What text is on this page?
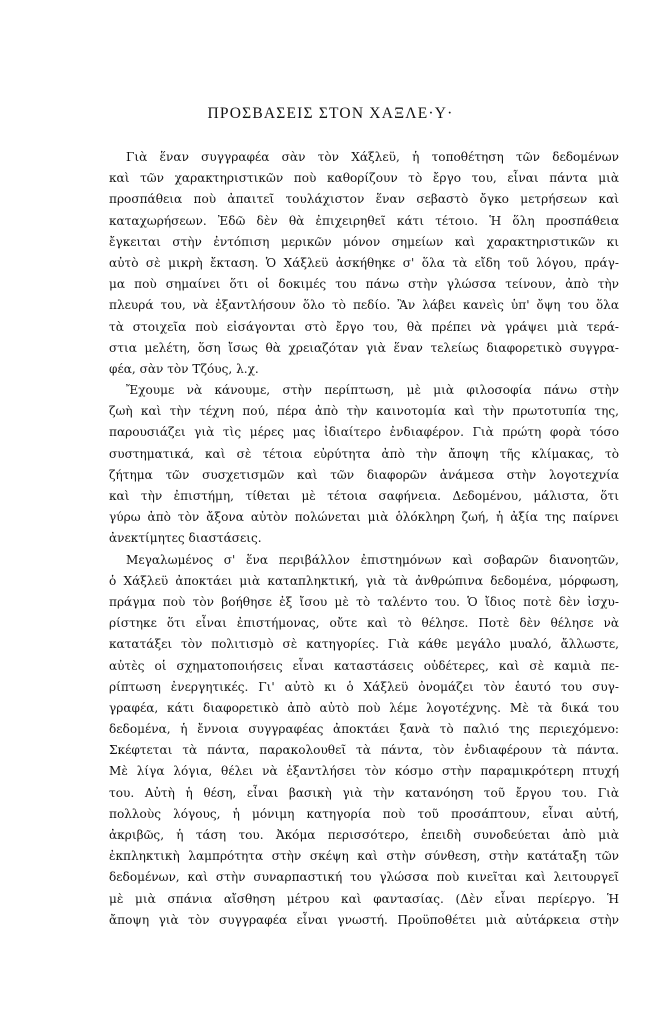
ΠΡΟΣΒΑΣΕΙΣ ΣΤΟΝ ΧΑΞΛΕ·Υ·
Γιὰ ἕναν συγγραφέα σὰν τὸν Χάξλεϋ, ἡ τοποθέτηση τῶν δεδομένων
καὶ τῶν χαρακτηριστικῶν ποὺ καθορίζουν τὸ ἔργο του, εἶναι πάντα μιὰ
προσπάθεια ποὺ ἀπαιτεῖ τουλάχιστον ἕναν σεβαστὸ ὄγκο μετρήσεων καὶ
καταχωρήσεων. Ἐδῶ δὲν θὰ ἐπιχειρηθεῖ κάτι τέτοιο. Ἡ ὅλη προσπάθεια
ἔγκειται στὴν ἐντόπιση μερικῶν μόνον σημείων καὶ χαρακτηριστικῶν κι
αὐτὸ σὲ μικρὴ ἔκταση. Ὁ Χάξλεϋ ἀσκήθηκε σ' ὅλα τὰ εἴδη τοῦ λόγου, πράγ-
μα ποὺ σημαίνει ὅτι οἱ δοκιμές του πάνω στὴν γλώσσα τείνουν, ἀπὸ τὴν
πλευρά του, νὰ ἐξαντλήσουν ὅλο τὸ πεδίο. Ἂν λάβει κανεὶς ὑπ' ὄψη του ὅλα
τὰ στοιχεῖα ποὺ εἰσάγονται στὸ ἔργο του, θὰ πρέπει νὰ γράψει μιὰ τερά-
στια μελέτη, ὅση ἴσως θὰ χρειαζόταν γιὰ ἕναν τελείως διαφορετικὸ συγγρα-
φέα, σὰν τὸν Τζόυς, λ.χ.
Ἔχουμε νὰ κάνουμε, στὴν περίπτωση, μὲ μιὰ φιλοσοφία πάνω στὴν
ζωὴ καὶ τὴν τέχνη πού, πέρα ἀπὸ τὴν καινοτομία καὶ τὴν πρωτοτυπία της,
παρουσιάζει γιὰ τὶς μέρες μας ἰδιαίτερο ἐνδιαφέρον. Γιὰ πρώτη φορὰ τόσο
συστηματικά, καὶ σὲ τέτοια εὐρύτητα ἀπὸ τὴν ἄποψη τῆς κλίμακας, τὸ
ζήτημα τῶν συσχετισμῶν καὶ τῶν διαφορῶν ἀνάμεσα στὴν λογοτεχνία
καὶ τὴν ἐπιστήμη, τίθεται μὲ τέτοια σαφήνεια. Δεδομένου, μάλιστα, ὅτι
γύρω ἀπὸ τὸν ἄξονα αὐτὸν πολώνεται μιὰ ὁλόκληρη ζωή, ἡ ἀξία της παίρνει
ἀνεκτίμητες διαστάσεις.
Μεγαλωμένος σ' ἕνα περιβάλλον ἐπιστημόνων καὶ σοβαρῶν διανοητῶν,
ὁ Χάξλεϋ ἀποκτάει μιὰ καταπληκτική, γιὰ τὰ ἀνθρώπινα δεδομένα, μόρφωση,
πράγμα ποὺ τὸν βοήθησε ἐξ ἴσου μὲ τὸ ταλέντο του. Ὁ ἴδιος ποτὲ δὲν ἰσχυ-
ρίστηκε ὅτι εἶναι ἐπιστήμονας, οὔτε καὶ τὸ θέλησε. Ποτὲ δὲν θέλησε νὰ
κατατάξει τὸν πολιτισμὸ σὲ κατηγορίες. Γιὰ κάθε μεγάλο μυαλό, ἄλλωστε,
αὐτὲς οἱ σχηματοποιήσεις εἶναι καταστάσεις οὐδέτερες, καὶ σὲ καμιὰ πε-
ρίπτωση ἐνεργητικές. Γι' αὐτὸ κι ὁ Χάξλεϋ ὀνομάζει τὸν ἑαυτό του συγ-
γραφέα, κάτι διαφορετικὸ ἀπὸ αὐτὸ ποὺ λέμε λογοτέχνης. Μὲ τὰ δικά του
δεδομένα, ἡ ἔννοια συγγραφέας ἀποκτάει ξανὰ τὸ παλιό της περιεχόμενο:
Σκέφτεται τὰ πάντα, παρακολουθεῖ τὰ πάντα, τὸν ἐνδιαφέρουν τὰ πάντα.
Μὲ λίγα λόγια, θέλει νὰ ἐξαντλήσει τὸν κόσμο στὴν παραμικρότερη πτυχή
του. Αὐτὴ ἡ θέση, εἶναι βασικὴ γιὰ τὴν κατανόηση τοῦ ἔργου του. Γιὰ
πολλοὺς λόγους, ἡ μόνιμη κατηγορία ποὺ τοῦ προσάπτουν, εἶναι αὐτή,
ἀκριβῶς, ἡ τάση του. Ἀκόμα περισσότερο, ἐπειδὴ συνοδεύεται ἀπὸ μιὰ
ἐκπληκτικὴ λαμπρότητα στὴν σκέψη καὶ στὴν σύνθεση, στὴν κατάταξη τῶν
δεδομένων, καὶ στὴν συναρπαστική του γλώσσα ποὺ κινεῖται καὶ λειτουργεῖ
μὲ μιὰ σπάνια αἴσθηση μέτρου καὶ φαντασίας. (Δὲν εἶναι περίεργο. Ἡ
ἄποψη γιὰ τὸν συγγραφέα εἶναι γνωστή. Προϋποθέτει μιὰ αὐτάρκεια στὴν
